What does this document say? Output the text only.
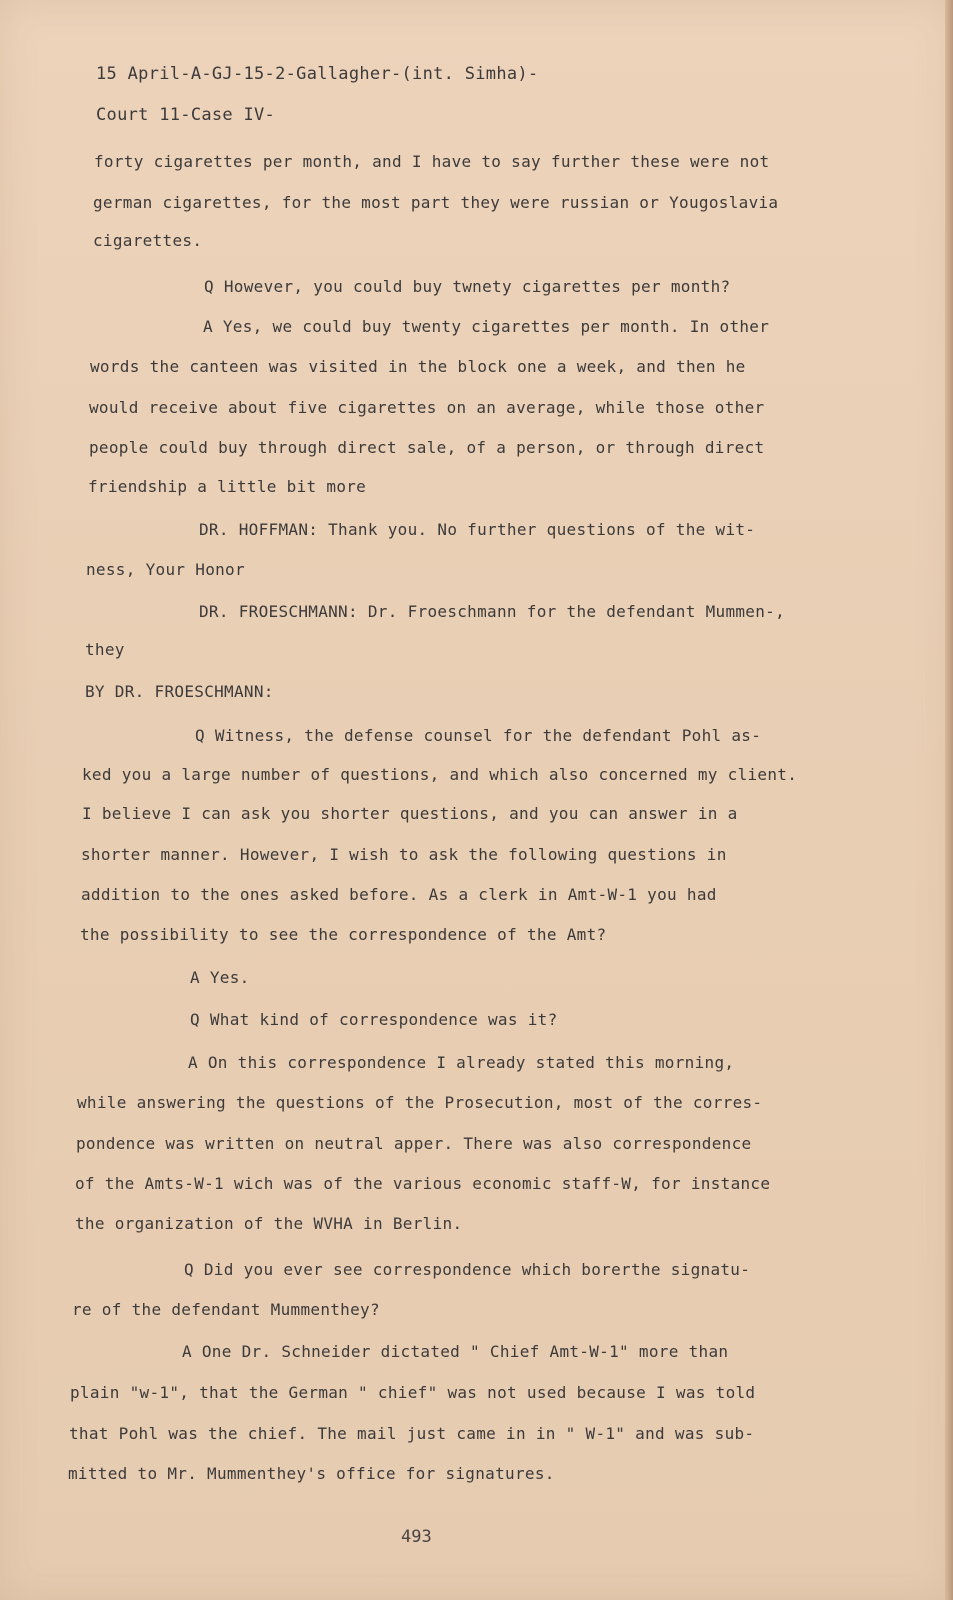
15 April-A-GJ-15-2-Gallagher-(int. Simha)-
Court 11-Case IV-
forty cigarettes per month, and I have to say further these were not
german cigarettes, for the most part they were russian or Yougoslavia
cigarettes.
Q However, you could buy twnety cigarettes per month?
A Yes, we could buy twenty cigarettes per month. In other
words the canteen was visited in the block one a week, and then he
would receive about five cigarettes on an average, while those other
people could buy through direct sale, of a person, or through direct
friendship a little bit more
DR. HOFFMAN: Thank you. No further questions of the wit-
ness, Your Honor
DR. FROESCHMANN: Dr. Froeschmann for the defendant Mummen-,
they
BY DR. FROESCHMANN:
Q Witness, the defense counsel for the defendant Pohl as-
ked you a large number of questions, and which also concerned my client.
I believe I can ask you shorter questions, and you can answer in a
shorter manner. However, I wish to ask the following questions in
addition to the ones asked before. As a clerk in Amt-W-1 you had
the possibility to see the correspondence of the Amt?
A Yes.
Q What kind of correspondence was it?
A On this correspondence I already stated this morning,
while answering the questions of the Prosecution, most of the corres-
pondence was written on neutral apper. There was also correspondence
of the Amts-W-1 wich was of the various economic staff-W, for instance
the organization of the WVHA in Berlin.
Q Did you ever see correspondence which borerthe signatu-
re of the defendant Mummenthey?
A One Dr. Schneider dictated " Chief Amt-W-1" more than
plain "w-1", that the German " chief" was not used because I was told
that Pohl was the chief. The mail just came in in " W-1" and was sub-
mitted to Mr. Mummenthey's office for signatures.
493
